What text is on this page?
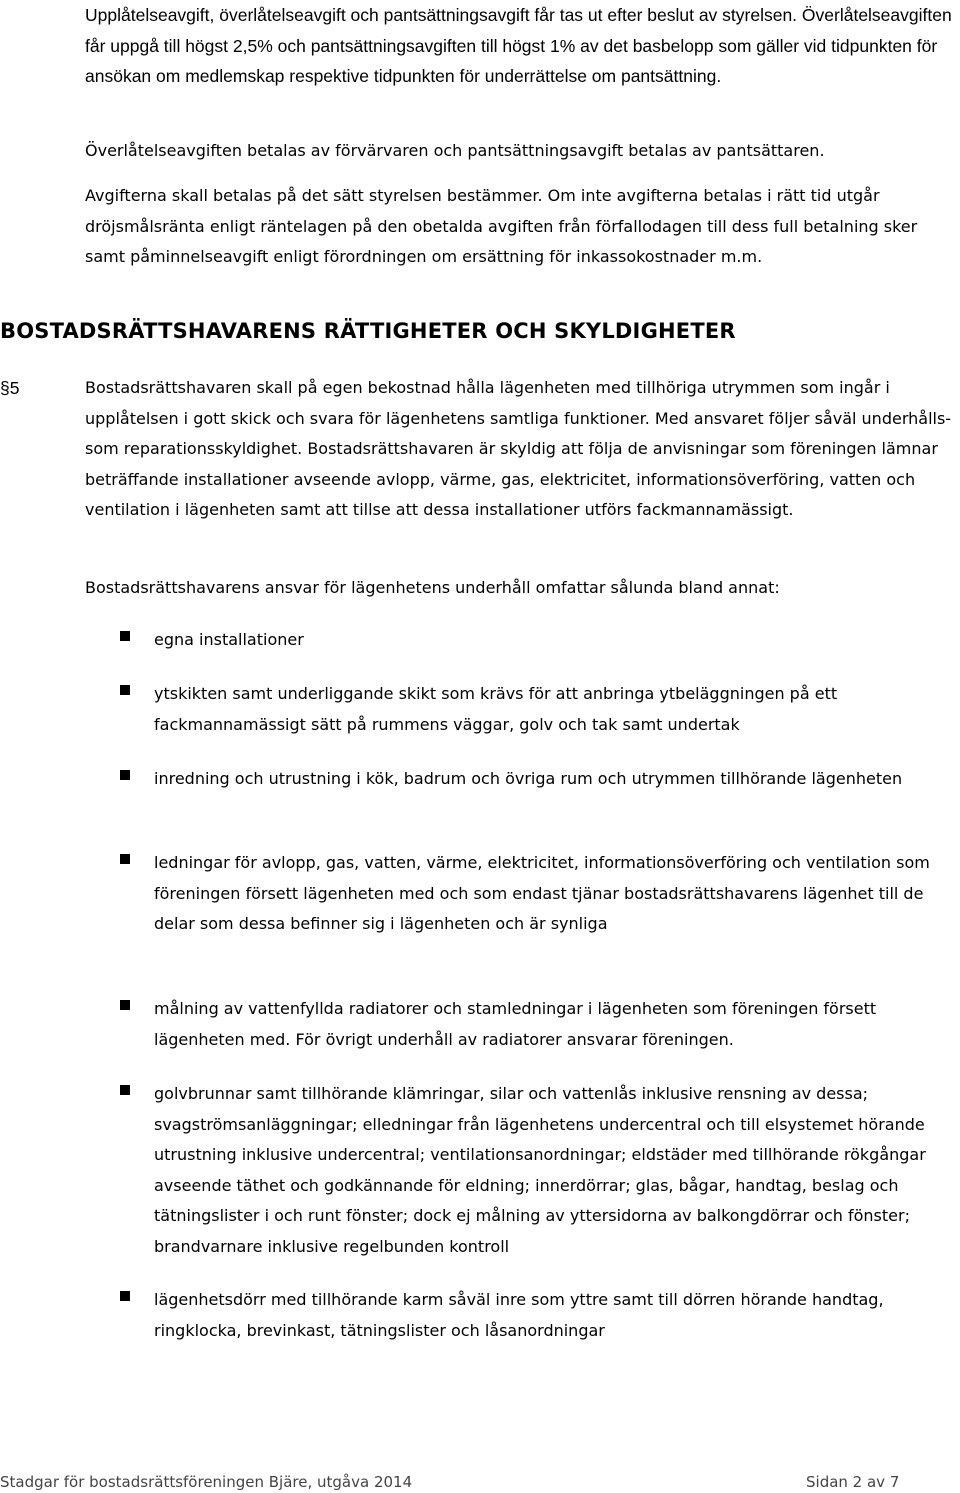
Upplåtelseavgift, överlåtelseavgift och pantsättningsavgift får tas ut efter beslut av styrelsen. Överlåtelseavgiften får uppgå till högst 2,5% och pantsättningsavgiften till högst 1% av det basbelopp som gäller vid tidpunkten för ansökan om medlemskap respektive tidpunkten för underrättelse om pantsättning.

Överlåtelseavgiften betalas av förvärvaren och pantsättningsavgift betalas av pantsättaren.

Avgifterna skall betalas på det sätt styrelsen bestämmer. Om inte avgifterna betalas i rätt tid utgår dröjsmålsränta enligt räntelagen på den obetalda avgiften från förfallodagen till dess full betalning sker samt påminnelseavgift enligt förordningen om ersättning för inkassokostnader m.m.

BOSTADSRÄTTSHAVARENS RÄTTIGHETER OCH SKYLDIGHETER
§5	Bostadsrättshavaren skall på egen bekostnad hålla lägenheten med tillhöriga utrymmen som ingår i upplåtelsen i gott skick och svara för lägenhetens samtliga funktioner. Med ansvaret följer såväl underhålls- som reparationsskyldighet. Bostadsrättshavaren är skyldig att följa de anvisningar som föreningen lämnar beträffande installationer avseende avlopp, värme, gas, elektricitet, informationsöverföring, vatten och ventilation i lägenheten samt att tillse att dessa installationer utförs fackmannamässigt.

Bostadsrättshavarens ansvar för lägenhetens underhåll omfattar sålunda bland annat:

egna installationer

ytskikten samt underliggande skikt som krävs för att anbringa ytbeläggningen på ett fackmannamässigt sätt på rummens väggar, golv och tak samt undertak

inredning och utrustning i kök, badrum och övriga rum och utrymmen tillhörande lägenheten

ledningar för avlopp, gas, vatten, värme, elektricitet, informationsöverföring och ventilation som föreningen försett lägenheten med och som endast tjänar bostadsrättshavarens lägenhet till de delar som dessa befinner sig i lägenheten och är synliga

målning av vattenfyllda radiatorer och stamledningar i lägenheten som föreningen försett lägenheten med. För övrigt underhåll av radiatorer ansvarar föreningen.

golvbrunnar samt tillhörande klämringar, silar och vattenlås inklusive rensning av dessa; svagströmsanläggningar; elledningar från lägenhetens undercentral och till elsystemet hörande utrustning inklusive undercentral; ventilationsanordningar; eldstäder med tillhörande rökgångar avseende täthet och godkännande för eldning; innerdörrar; glas, bågar, handtag, beslag och tätningslister i och runt fönster; dock ej målning av yttersidorna av balkongdörrar och fönster; brandvarnare inklusive regelbunden kontroll

lägenhetsdörr med tillhörande karm såväl inre som yttre samt till dörren hörande handtag, ringklocka, brevinkast, tätningslister och låsanordningar

Stadgar för bostadsrättsföreningen Bjäre, utgåva 2014	Sidan 2 av 7
